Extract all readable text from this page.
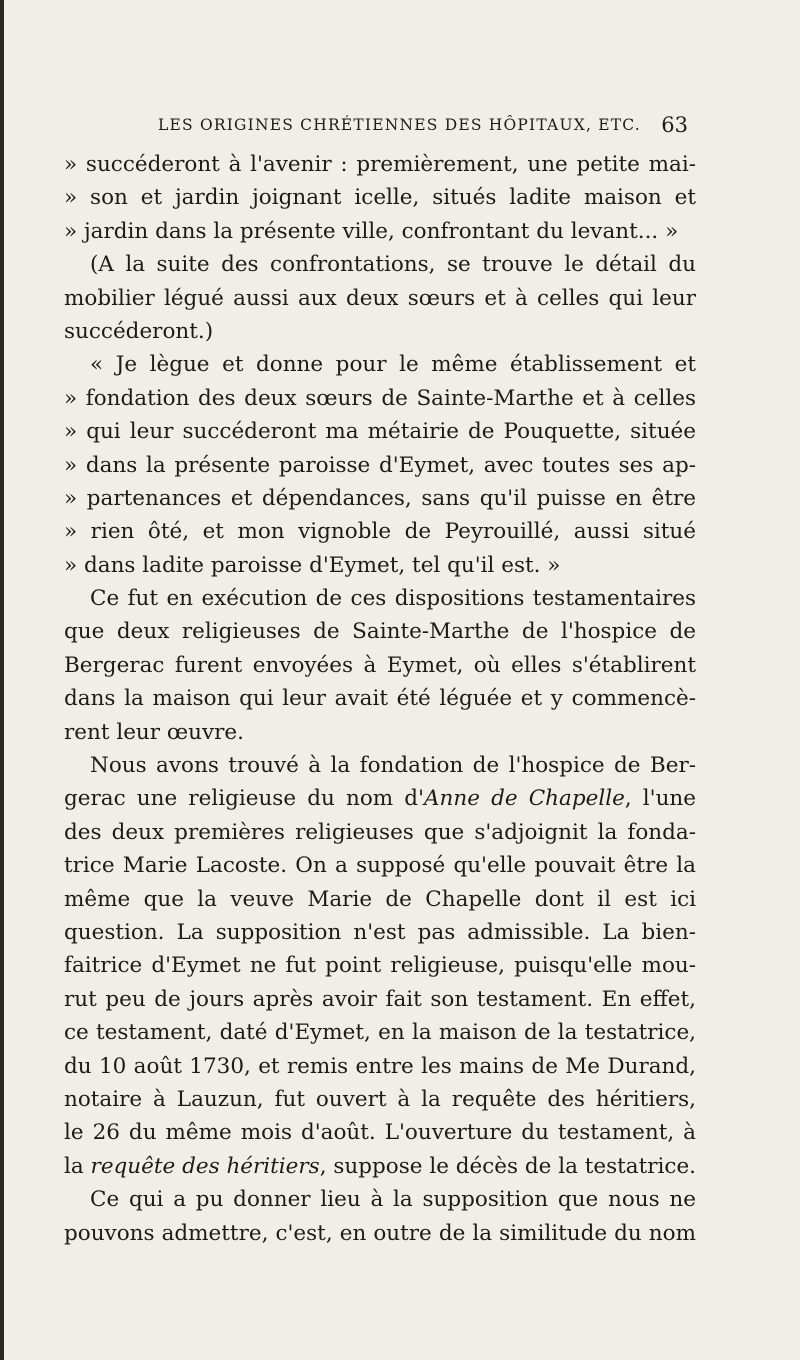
LES ORIGINES CHRÉTIENNES DES HÔPITAUX, ETC. 63
» succéderont à l'avenir : premièrement, une petite mai-
» son et jardin joignant icelle, situés ladite maison et
» jardin dans la présente ville, confrontant du levant... »
(A la suite des confrontations, se trouve le détail du
mobilier légué aussi aux deux sœurs et à celles qui leur
succéderont.)
« Je lègue et donne pour le même établissement et
» fondation des deux sœurs de Sainte-Marthe et à celles
» qui leur succéderont ma métairie de Pouquette, située
» dans la présente paroisse d'Eymet, avec toutes ses ap-
» partenances et dépendances, sans qu'il puisse en être
» rien ôté, et mon vignoble de Peyrouillé, aussi situé
» dans ladite paroisse d'Eymet, tel qu'il est. »
Ce fut en exécution de ces dispositions testamentaires
que deux religieuses de Sainte-Marthe de l'hospice de
Bergerac furent envoyées à Eymet, où elles s'établirent
dans la maison qui leur avait été léguée et y commencè-
rent leur œuvre.
Nous avons trouvé à la fondation de l'hospice de Ber-
gerac une religieuse du nom d'Anne de Chapelle, l'une
des deux premières religieuses que s'adjoignit la fonda-
trice Marie Lacoste. On a supposé qu'elle pouvait être la
même que la veuve Marie de Chapelle dont il est ici
question. La supposition n'est pas admissible. La bien-
faitrice d'Eymet ne fut point religieuse, puisqu'elle mou-
rut peu de jours après avoir fait son testament. En effet,
ce testament, daté d'Eymet, en la maison de la testatrice,
du 10 août 1730, et remis entre les mains de Me Durand,
notaire à Lauzun, fut ouvert à la requête des héritiers,
le 26 du même mois d'août. L'ouverture du testament, à
la requête des héritiers, suppose le décès de la testatrice.
Ce qui a pu donner lieu à la supposition que nous ne
pouvons admettre, c'est, en outre de la similitude du nom
